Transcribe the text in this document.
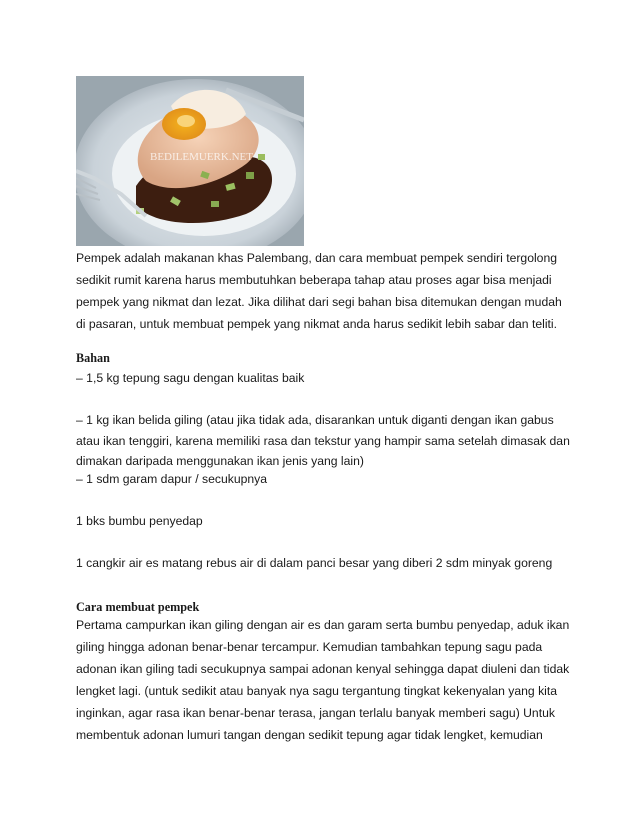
BEDILEMUERK.NET
Pempek adalah makanan khas Palembang, dan cara membuat pempek sendiri tergolong
sedikit rumit karena harus membutuhkan beberapa tahap atau proses agar bisa menjadi
pempek yang nikmat dan lezat. Jika dilihat dari segi bahan bisa ditemukan dengan mudah
di pasaran, untuk membuat pempek yang nikmat anda harus sedikit lebih sabar dan teliti.
Bahan
– 1,5 kg tepung sagu dengan kualitas baik
– 1 kg ikan belida giling (atau jika tidak ada, disarankan untuk diganti dengan ikan gabus
atau ikan tenggiri, karena memiliki rasa dan tekstur yang hampir sama setelah dimasak dan
dimakan daripada menggunakan ikan jenis yang lain)
– 1 sdm garam dapur / secukupnya
1 bks bumbu penyedap
1 cangkir air es matang rebus air di dalam panci besar yang diberi 2 sdm minyak goreng
Cara membuat pempek
Pertama campurkan ikan giling dengan air es dan garam serta bumbu penyedap, aduk ikan
giling hingga adonan benar-benar tercampur. Kemudian tambahkan tepung sagu pada
adonan ikan giling tadi secukupnya sampai adonan kenyal sehingga dapat diuleni dan tidak
lengket lagi. (untuk sedikit atau banyak nya sagu tergantung tingkat kekenyalan yang kita
inginkan, agar rasa ikan benar-benar terasa, jangan terlalu banyak memberi sagu) Untuk
membentuk adonan lumuri tangan dengan sedikit tepung agar tidak lengket, kemudian
